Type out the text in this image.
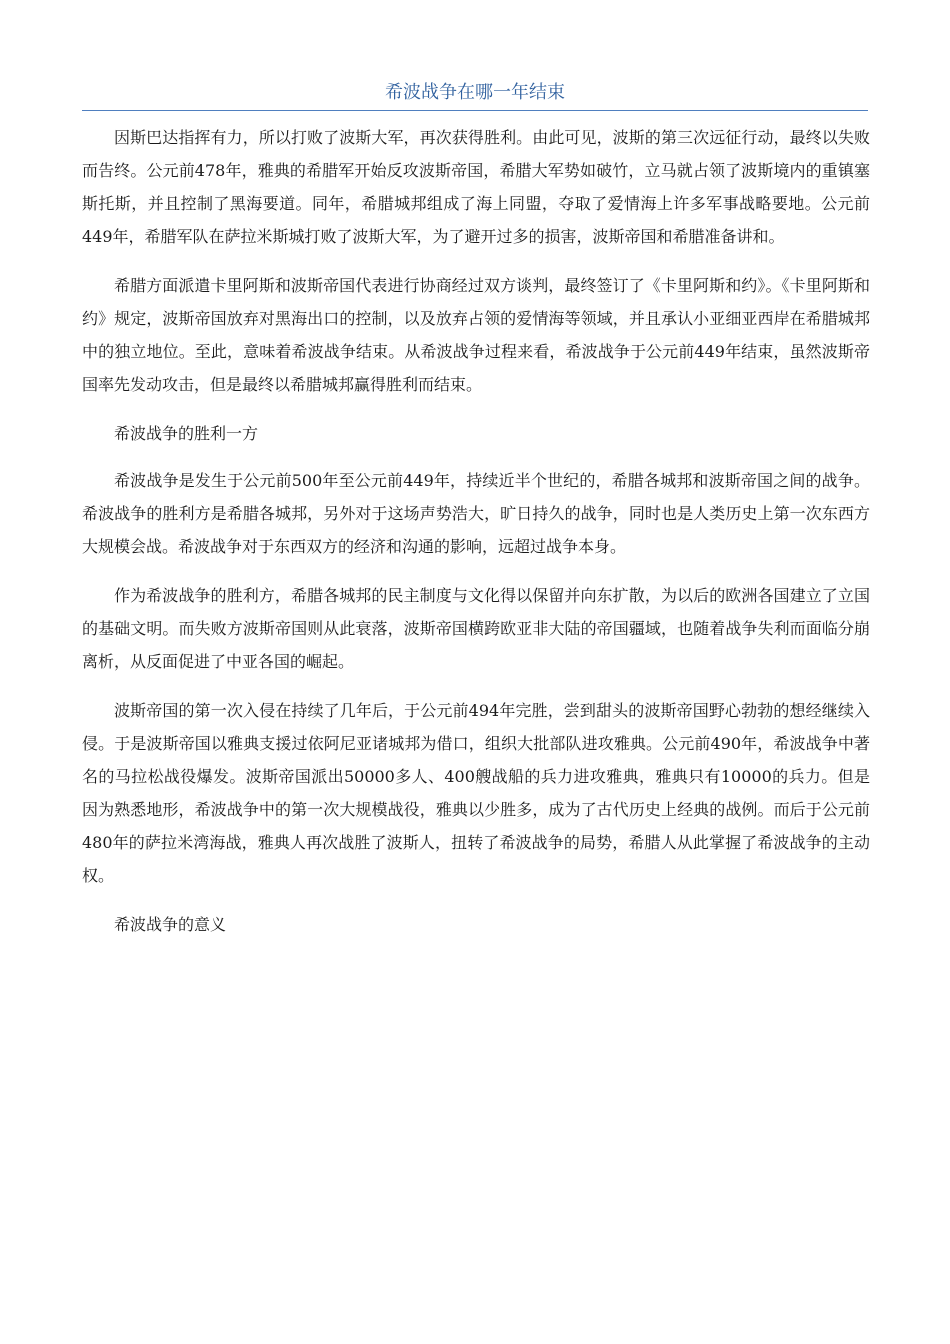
希波战争在哪一年结束

因斯巴达指挥有力，所以打败了波斯大军，再次获得胜利。由此可见，波斯的第三次远征行动，最终以失败而告终。公元前478年，雅典的希腊军开始反攻波斯帝国，希腊大军势如破竹，立马就占领了波斯境内的重镇塞斯托斯，并且控制了黑海要道。同年，希腊城邦组成了海上同盟，夺取了爱情海上许多军事战略要地。公元前449年，希腊军队在萨拉米斯城打败了波斯大军，为了避开过多的损害，波斯帝国和希腊准备讲和。

希腊方面派遣卡里阿斯和波斯帝国代表进行协商经过双方谈判，最终签订了《卡里阿斯和约》。《卡里阿斯和约》规定，波斯帝国放弃对黑海出口的控制，以及放弃占领的爱情海等领域，并且承认小亚细亚西岸在希腊城邦中的独立地位。至此，意味着希波战争结束。从希波战争过程来看，希波战争于公元前449年结束，虽然波斯帝国率先发动攻击，但是最终以希腊城邦赢得胜利而结束。

希波战争的胜利一方

希波战争是发生于公元前500年至公元前449年，持续近半个世纪的，希腊各城邦和波斯帝国之间的战争。希波战争的胜利方是希腊各城邦，另外对于这场声势浩大，旷日持久的战争，同时也是人类历史上第一次东西方大规模会战。希波战争对于东西双方的经济和沟通的影响，远超过战争本身。

作为希波战争的胜利方，希腊各城邦的民主制度与文化得以保留并向东扩散，为以后的欧洲各国建立了立国的基础文明。而失败方波斯帝国则从此衰落，波斯帝国横跨欧亚非大陆的帝国疆域，也随着战争失利而面临分崩离析，从反面促进了中亚各国的崛起。

波斯帝国的第一次入侵在持续了几年后，于公元前494年完胜，尝到甜头的波斯帝国野心勃勃的想经继续入侵。于是波斯帝国以雅典支援过依阿尼亚诸城邦为借口，组织大批部队进攻雅典。公元前490年，希波战争中著名的马拉松战役爆发。波斯帝国派出50000多人、400艘战船的兵力进攻雅典，雅典只有10000的兵力。但是因为熟悉地形，希波战争中的第一次大规模战役，雅典以少胜多，成为了古代历史上经典的战例。而后于公元前480年的萨拉米湾海战，雅典人再次战胜了波斯人，扭转了希波战争的局势，希腊人从此掌握了希波战争的主动权。

希波战争的意义
